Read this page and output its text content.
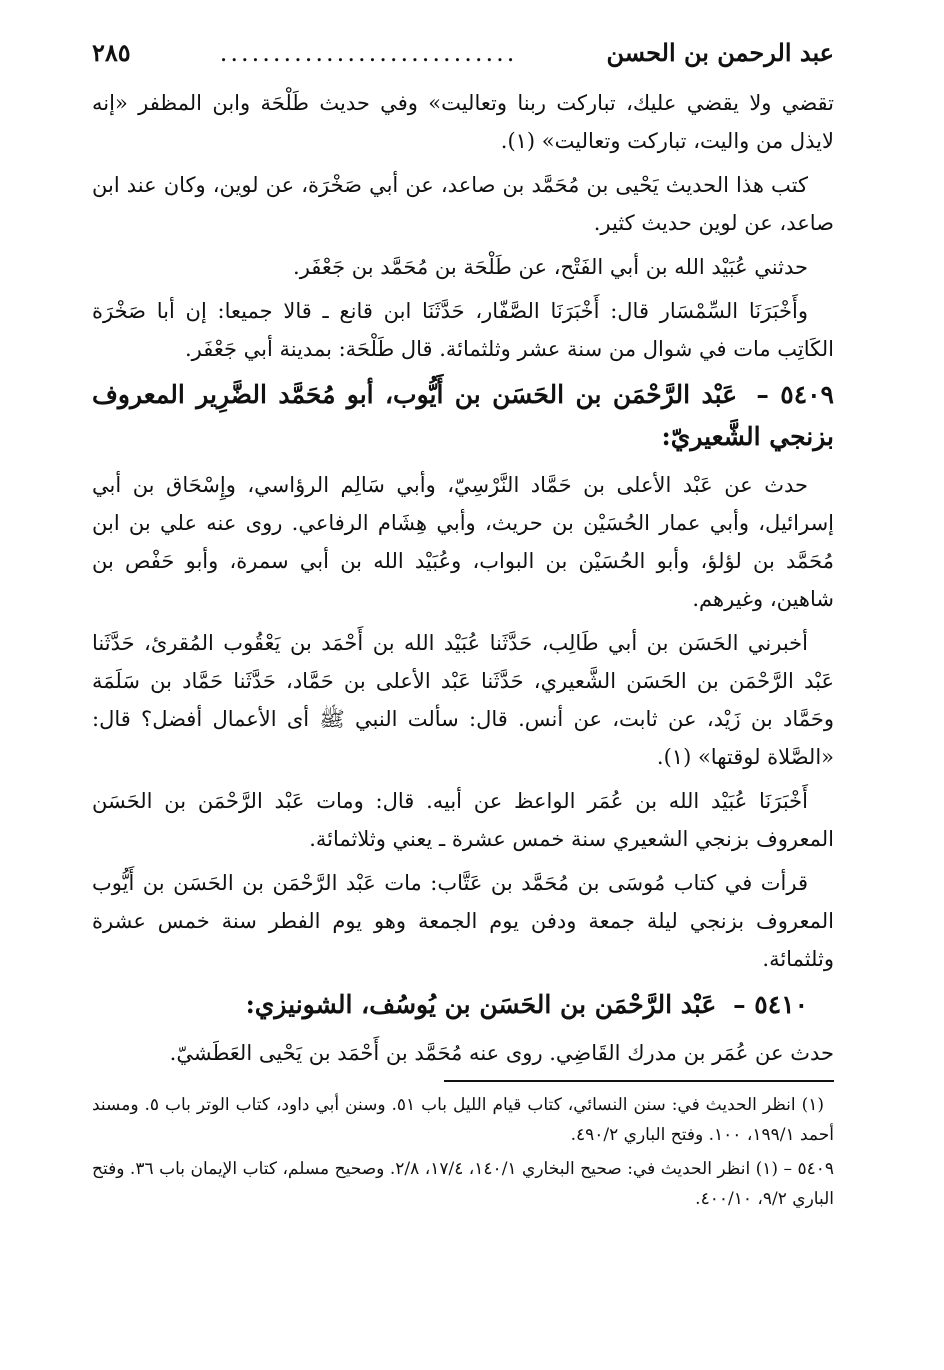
عبد الرحمن بن الحسن
............................
٢٨٥

تقضي ولا يقضي عليك، تباركت ربنا وتعاليت» وفي حديث طَلْحَة وابن المظفر «إنه لايذل من واليت، تباركت وتعاليت» (١).

كتب هذا الحديث يَحْيى بن مُحَمَّد بن صاعد، عن أبي صَخْرَة، عن لوين، وكان عند ابن صاعد، عن لوين حديث كثير.

حدثني عُبَيْد الله بن أبي الفَتْح، عن طَلْحَة بن مُحَمَّد بن جَعْفَر.

وأَخْبَرَنَا السِّمْسَار قال: أَخْبَرَنَا الصَّفّار، حَدَّثَنَا ابن قانع ـ قالا جميعا: إن أبا صَخْرَة الكَاتِب مات في شوال من سنة عشر وثلثمائة. قال طَلْحَة: بمدينة أبي جَعْفَر.

٥٤٠٩ – عَبْد الرَّحْمَن بن الحَسَن بن أَيُّوب، أبو مُحَمَّد الضَّرِير المعروف بزنجي الشَّعيريّ:

حدث عن عَبْد الأعلى بن حَمَّاد النَّرْسِيّ، وأبي سَالِم الرؤاسي، وإِسْحَاق بن أبي إسرائيل، وأبي عمار الحُسَيْن بن حريث، وأبي هِشَام الرفاعي. روى عنه علي بن ابن مُحَمَّد بن لؤلؤ، وأبو الحُسَيْن بن البواب، وعُبَيْد الله بن أبي سمرة، وأبو حَفْص بن شاهين، وغيرهم.

أخبرني الحَسَن بن أبي طَالِب، حَدَّثَنا عُبَيْد الله بن أَحْمَد بن يَعْقُوب المُقرئ، حَدَّثَنا عَبْد الرَّحْمَن بن الحَسَن الشَّعيري، حَدَّثَنا عَبْد الأعلى بن حَمَّاد، حَدَّثَنا حَمَّاد بن سَلَمَة وحَمَّاد بن زَيْد، عن ثابت، عن أنس. قال: سألت النبي ﷺ أى الأعمال أفضل؟ قال: «الصَّلاة لوقتها» (١).

أَخْبَرَنَا عُبَيْد الله بن عُمَر الواعظ عن أبيه. قال: ومات عَبْد الرَّحْمَن بن الحَسَن المعروف بزنجي الشعيري سنة خمس عشرة ـ يعني وثلاثمائة.

قرأت في كتاب مُوسَى بن مُحَمَّد بن عَتَّاب: مات عَبْد الرَّحْمَن بن الحَسَن بن أَيُّوب المعروف بزنجي ليلة جمعة ودفن يوم الجمعة وهو يوم الفطر سنة خمس عشرة وثلثمائة.

٥٤١٠ – عَبْد الرَّحْمَن بن الحَسَن بن يُوسُف، الشونيزي:

حدث عن عُمَر بن مدرك القَاضِي. روى عنه مُحَمَّد بن أَحْمَد بن يَحْيى العَطَشيّ.

(١) انظر الحديث في: سنن النسائي، كتاب قيام الليل باب ٥١. وسنن أبي داود، كتاب الوتر باب ٥. ومسند أحمد ١٩٩/١، ١٠٠. وفتح الباري ٤٩٠/٢.

٥٤٠٩ – (١) انظر الحديث في: صحيح البخاري ١٤٠/١، ١٧/٤، ٢/٨. وصحيح مسلم، كتاب الإيمان باب ٣٦. وفتح الباري ٩/٢، ٤٠٠/١٠.
